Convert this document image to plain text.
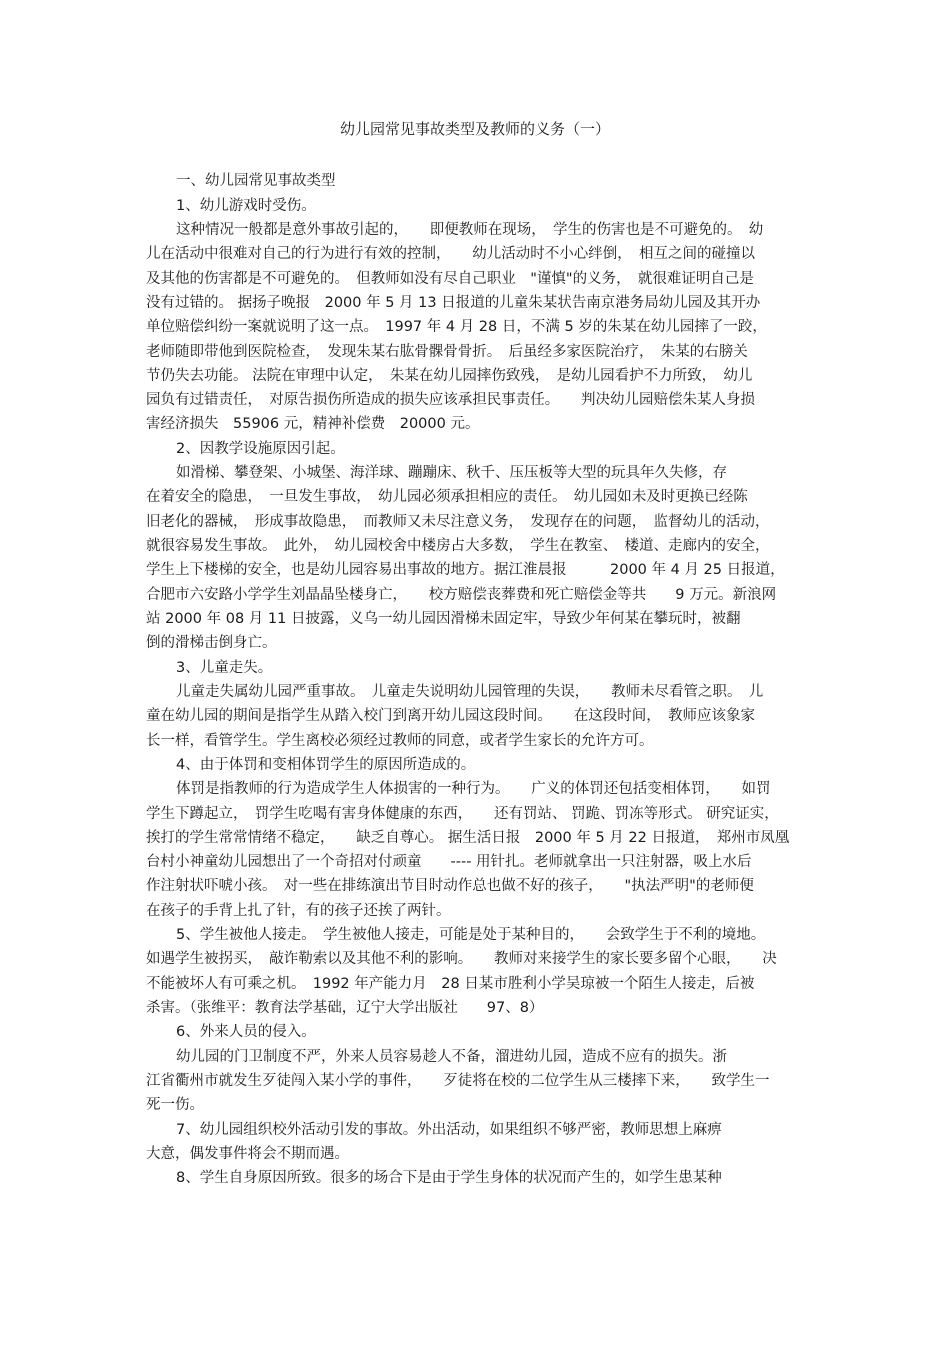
幼儿园常见事故类型及教师的义务（一）
一、幼儿园常见事故类型
1、幼儿游戏时受伤。
这种情况一般都是意外事故引起的，　　即便教师在现场，　学生的伤害也是不可避免的。　幼
儿在活动中很难对自己的行为进行有效的控制，　　幼儿活动时不小心绊倒，　相互之间的碰撞以
及其他的伤害都是不可避免的。　但教师如没有尽自己职业　"谨慎"的义务，　就很难证明自己是
没有过错的。 据扬子晚报　2000 年 5 月 13 日报道的儿童朱某状告南京港务局幼儿园及其开办
单位赔偿纠纷一案就说明了这一点。　1997 年 4 月 28 日，不满 5 岁的朱某在幼儿园摔了一跤，
老师随即带他到医院检查，　发现朱某右肱骨髁骨骨折。　后虽经多家医院治疗，　朱某的右膀关
节仍失去功能。 法院在审理中认定，　朱某在幼儿园摔伤致残，　是幼儿园看护不力所致，　幼儿
园负有过错责任，　对原告损伤所造成的损失应该承担民事责任。　　判决幼儿园赔偿朱某人身损
害经济损失　55906 元，精神补偿费　20000 元。
2、因教学设施原因引起。
如滑梯、攀登架、小城堡、海洋球、蹦蹦床、秋千、压压板等大型的玩具年久失修，存
在着安全的隐患，　一旦发生事故，　幼儿园必须承担相应的责任。　幼儿园如未及时更换已经陈
旧老化的器械，　形成事故隐患，　而教师又未尽注意义务，　发现存在的问题，　监督幼儿的活动，
就很容易发生事故。　此外，　幼儿园校舍中楼房占大多数，　学生在教室、　楼道、走廊内的安全，
学生上下楼梯的安全，也是幼儿园容易出事故的地方。据江淮晨报　　　2000 年 4 月 25 日报道，
合肥市六安路小学学生刘晶晶坠楼身亡，　　校方赔偿丧葬费和死亡赔偿金等共　　9 万元。新浪网
站 2000 年 08 月 11 日披露，义乌一幼儿园因滑梯未固定牢，导致少年何某在攀玩时，被翻
倒的滑梯击倒身亡。
3、儿童走失。
儿童走失属幼儿园严重事故。　儿童走失说明幼儿园管理的失误，　　教师未尽看管之职。　儿
童在幼儿园的期间是指学生从踏入校门到离开幼儿园这段时间。　　在这段时间，　教师应该象家
长一样，看管学生。学生离校必须经过教师的同意，或者学生家长的允许方可。
4、由于体罚和变相体罚学生的原因所造成的。
体罚是指教师的行为造成学生人体损害的一种行为。　　广义的体罚还包括变相体罚，　　如罚
学生下蹲起立，　罚学生吃喝有害身体健康的东西，　　还有罚站、 罚跪、罚冻等形式。 研究证实，
挨打的学生常常情绪不稳定，　　缺乏自尊心。 据生活日报　2000 年 5 月 22 日报道，　郑州市凤凰
台村小神童幼儿园想出了一个奇招对付顽童　　---- 用针扎。老师就拿出一只注射器，吸上水后
作注射状吓唬小孩。　对一些在排练演出节目时动作总也做不好的孩子，　　"执法严明"的老师便
在孩子的手背上扎了针，有的孩子还挨了两针。
5、学生被他人接走。　学生被他人接走，可能是处于某种目的，　　会致学生于不利的境地。
如遇学生被拐买，　敲诈勒索以及其他不利的影响。　　教师对来接学生的家长要多留个心眼，　　决
不能被坏人有可乘之机。　1992 年产能力月　28 日某市胜利小学吴琼被一个陌生人接走，后被
杀害。（张维平：教育法学基础，辽宁大学出版社　　97、8）
6、外来人员的侵入。
幼儿园的门卫制度不严，外来人员容易趁人不备，溜进幼儿园，造成不应有的损失。浙
江省衢州市就发生歹徒闯入某小学的事件，　　歹徒将在校的二位学生从三楼摔下来，　　致学生一
死一伤。
7、幼儿园组织校外活动引发的事故。外出活动，如果组织不够严密，教师思想上麻痹
大意，偶发事件将会不期而遇。
8、学生自身原因所致。很多的场合下是由于学生身体的状况而产生的，如学生患某种
